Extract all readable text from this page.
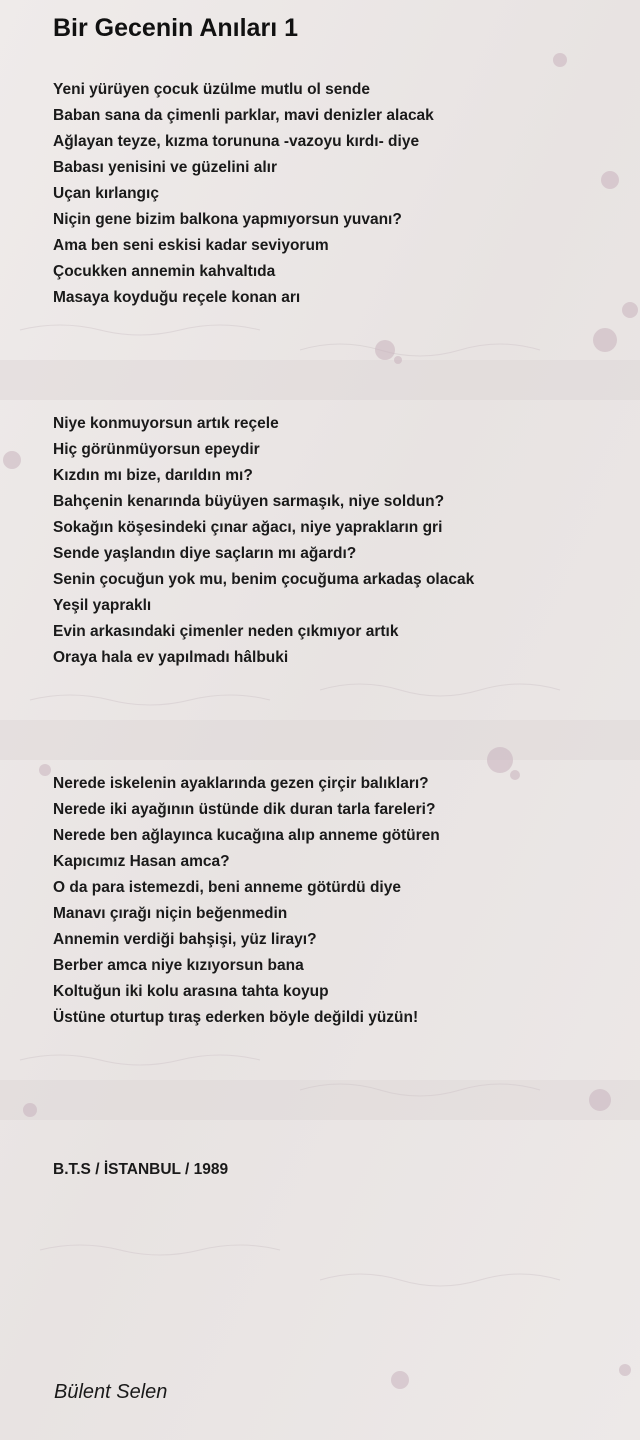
Bir Gecenin Anıları 1
Yeni yürüyen çocuk üzülme mutlu ol sende
Baban sana da çimenli parklar, mavi denizler alacak
Ağlayan teyze, kızma torununa -vazoyu kırdı- diye
Babası yenisini ve güzelini alır
Uçan kırlangıç
Niçin gene bizim balkona yapmıyorsun yuvanı?
Ama ben seni eskisi kadar seviyorum
Çocukken annemin kahvaltıda
Masaya koyduğu reçele konan arı
Niye konmuyorsun artık reçele
Hiç görünmüyorsun epeydir
Kızdın mı bize, darıldın mı?
Bahçenin kenarında büyüyen sarmaşık, niye soldun?
Sokağın köşesindeki çınar ağacı, niye yaprakların gri
Sende yaşlandın diye saçların mı ağardı?
Senin çocuğun yok mu, benim çocuğuma arkadaş olacak
Yeşil yapraklı
Evin arkasındaki çimenler neden çıkmıyor artık
Oraya hala ev yapılmadı hâlbuki
Nerede iskelenin ayaklarında gezen çirçir balıkları?
Nerede iki ayağının üstünde dik duran tarla fareleri?
Nerede ben ağlayınca kucağına alıp anneme götüren
Kapıcımız Hasan amca?
O da para istemezdi, beni anneme götürdü diye
Manavı çırağı niçin beğenmedin
Annemin verdiği bahşişi, yüz lirayı?
Berber amca niye kızıyorsun bana
Koltuğun iki kolu arasına tahta koyup
Üstüne oturtup tıraş ederken böyle değildi yüzün!
B.T.S / İSTANBUL / 1989
Bülent Selen
